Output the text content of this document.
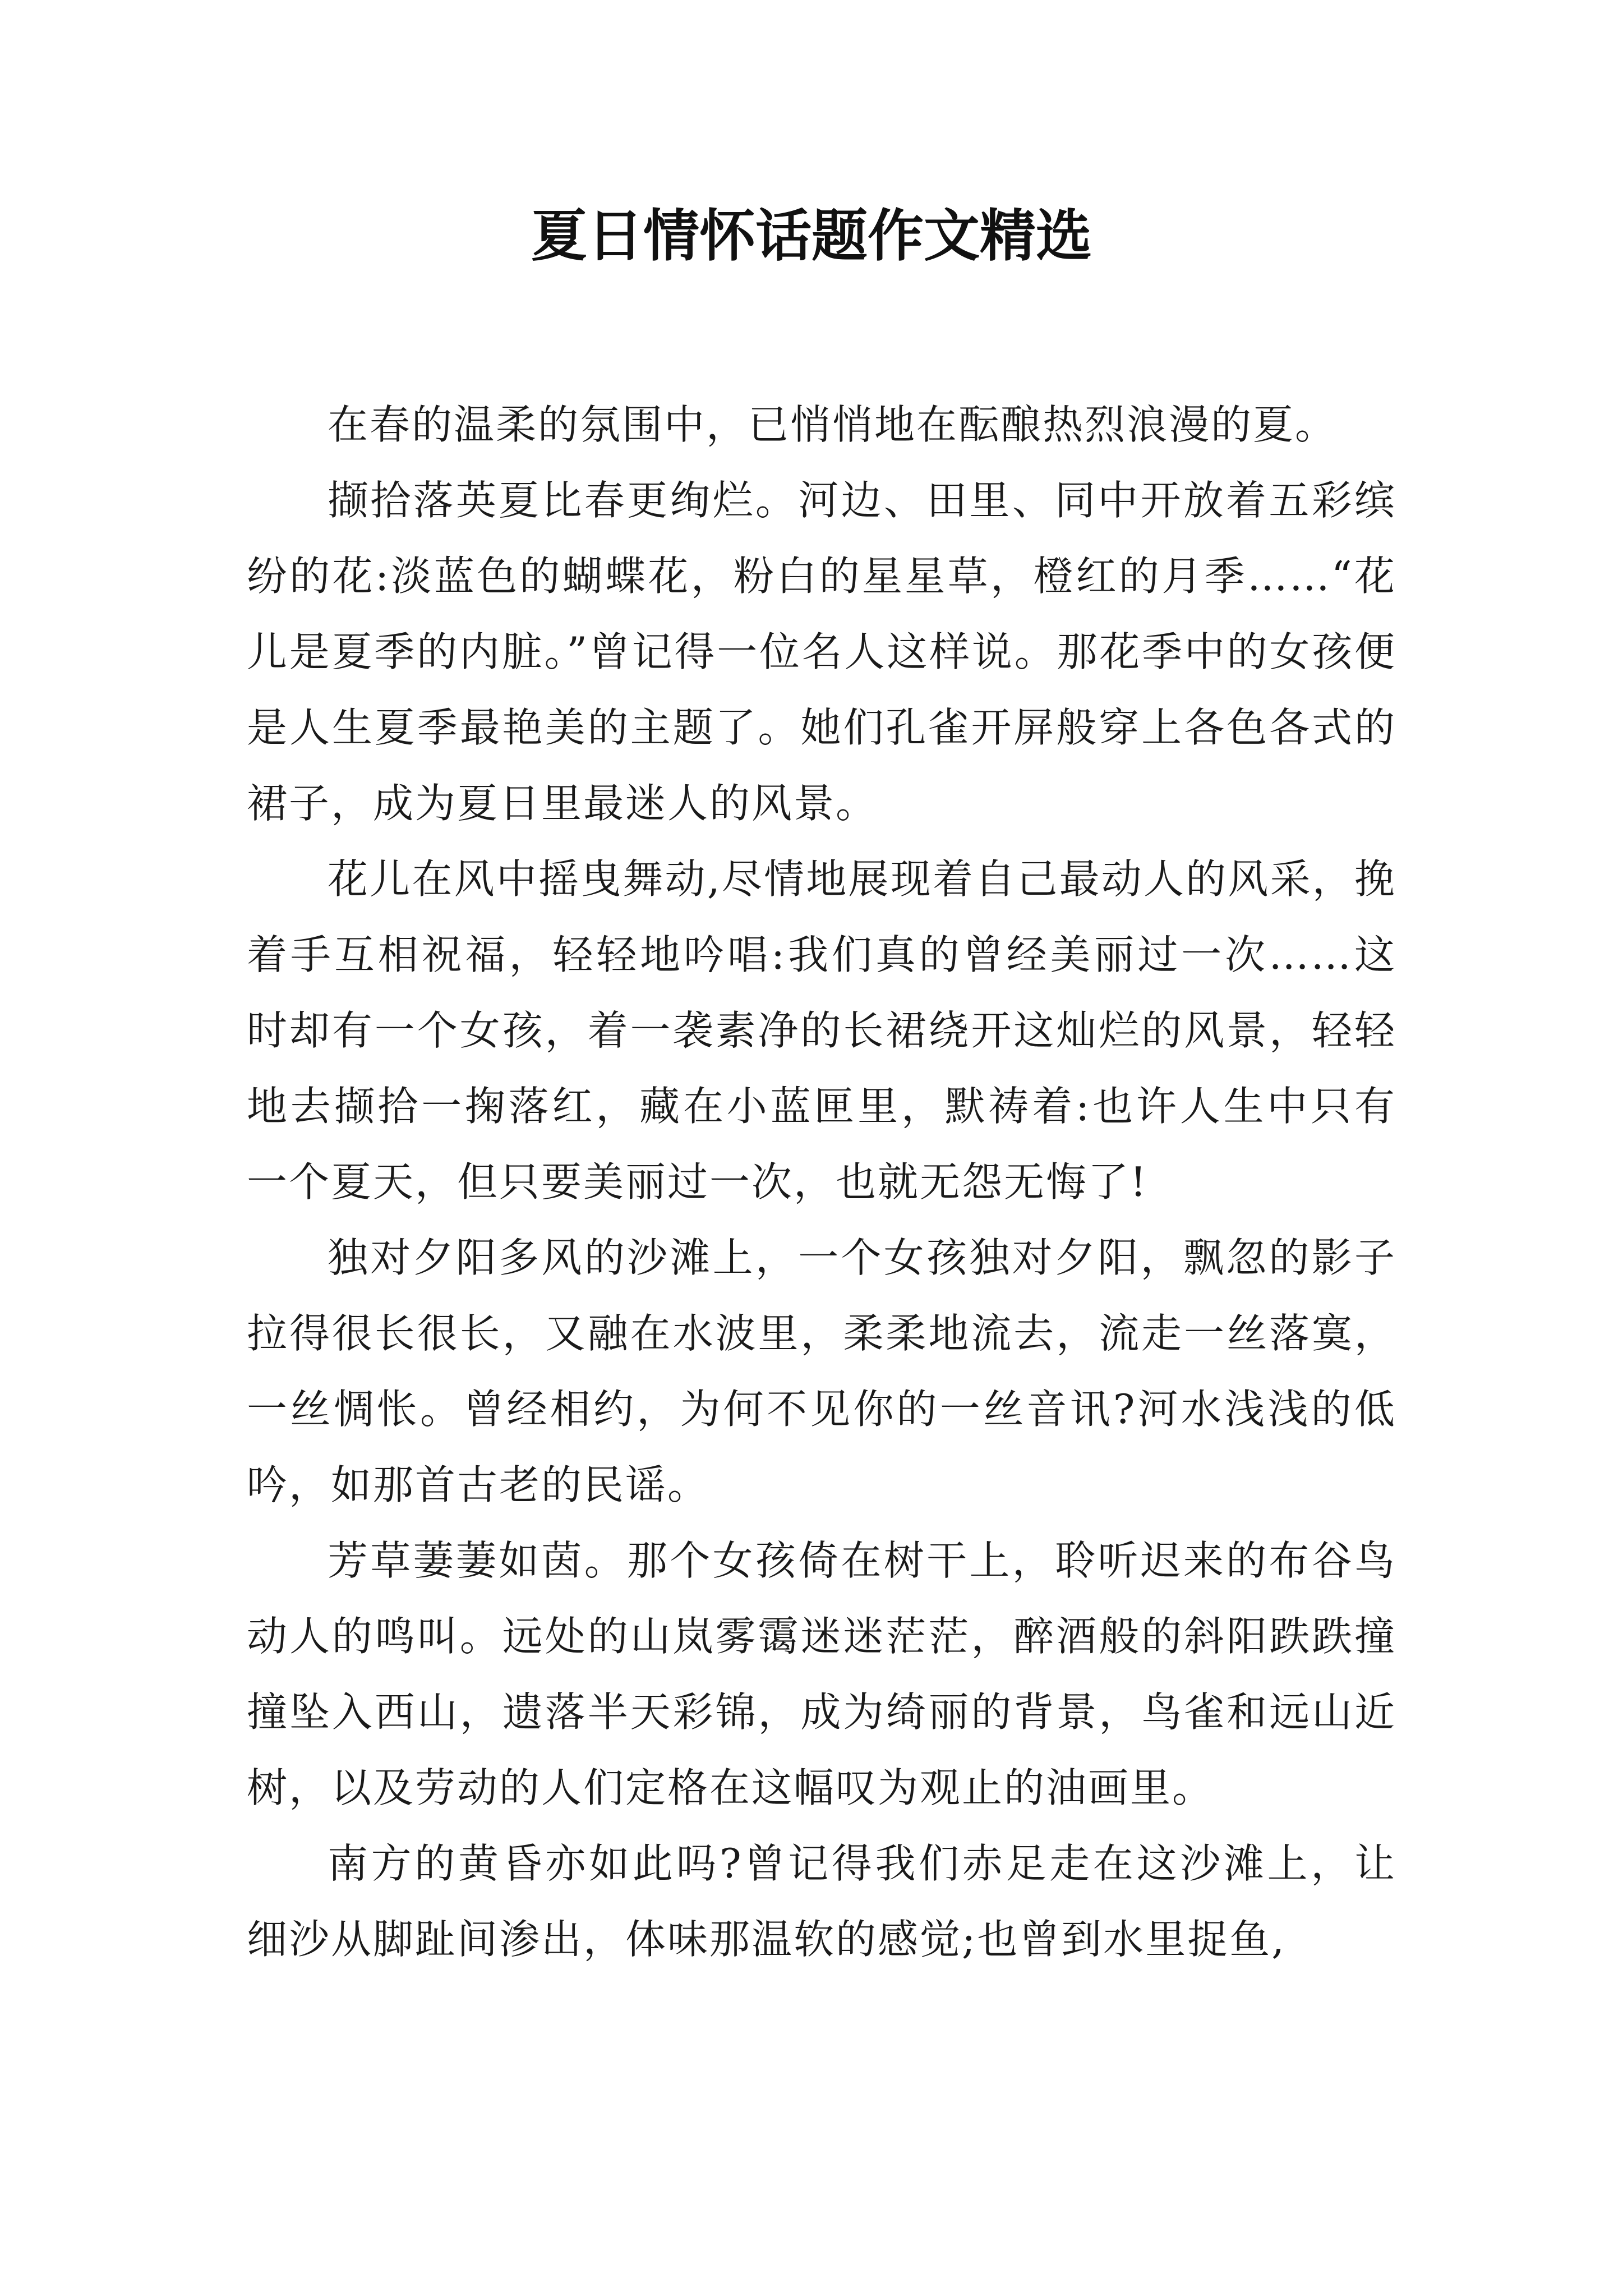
夏日情怀话题作文精选

在春的温柔的氛围中，已悄悄地在酝酿热烈浪漫的夏。

撷拾落英夏比春更绚烂。河边、田里、同中开放着五彩缤纷的花:淡蓝色的蝴蝶花，粉白的星星草，橙红的月季……“花儿是夏季的内脏。”曾记得一位名人这样说。那花季中的女孩便是人生夏季最艳美的主题了。她们孔雀开屏般穿上各色各式的裙子，成为夏日里最迷人的风景。

花儿在风中摇曳舞动,尽情地展现着自己最动人的风采，挽着手互相祝福，轻轻地吟唱:我们真的曾经美丽过一次……这时却有一个女孩，着一袭素净的长裙绕开这灿烂的风景，轻轻地去撷拾一掬落红，藏在小蓝匣里，默祷着:也许人生中只有一个夏天，但只要美丽过一次，也就无怨无悔了!

独对夕阳多风的沙滩上，一个女孩独对夕阳，飘忽的影子拉得很长很长，又融在水波里，柔柔地流去，流走一丝落寞，一丝惆怅。曾经相约，为何不见你的一丝音讯?河水浅浅的低吟，如那首古老的民谣。

芳草萋萋如茵。那个女孩倚在树干上，聆听迟来的布谷鸟动人的鸣叫。远处的山岚雾霭迷迷茫茫，醉酒般的斜阳跌跌撞撞坠入西山，遗落半天彩锦，成为绮丽的背景，鸟雀和远山近树，以及劳动的人们定格在这幅叹为观止的油画里。

南方的黄昏亦如此吗?曾记得我们赤足走在这沙滩上，让细沙从脚趾间渗出，体味那温软的感觉;也曾到水里捉鱼,
